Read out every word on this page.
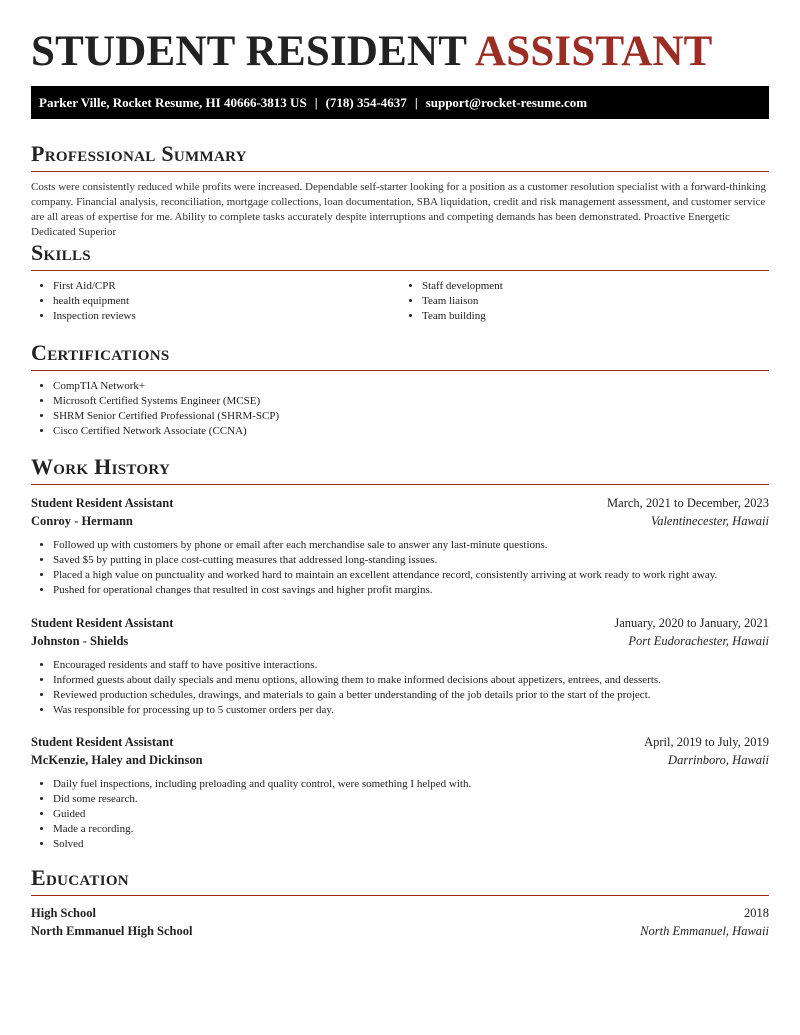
STUDENT RESIDENT ASSISTANT
Parker Ville, Rocket Resume, HI 40666-3813 US | (718) 354-4637 | support@rocket-resume.com
Professional Summary

Costs were consistently reduced while profits were increased. Dependable self-starter looking for a position as a customer resolution specialist with a forward-thinking company. Financial analysis, reconciliation, mortgage collections, loan documentation, SBA liquidation, credit and risk management assessment, and customer service are all areas of expertise for me. Ability to complete tasks accurately despite interruptions and competing demands has been demonstrated. Proactive Energetic Dedicated Superior

Skills
• First Aid/CPR
• health equipment
• Inspection reviews
• Staff development
• Team liaison
• Team building
Certifications
• CompTIA Network+
• Microsoft Certified Systems Engineer (MCSE)
• SHRM Senior Certified Professional (SHRM-SCP)
• Cisco Certified Network Associate (CCNA)
Work History
Student Resident Assistant	March, 2021 to December, 2023
Conroy - Hermann	Valentinecester, Hawaii
• Followed up with customers by phone or email after each merchandise sale to answer any last-minute questions.
• Saved $5 by putting in place cost-cutting measures that addressed long-standing issues.
• Placed a high value on punctuality and worked hard to maintain an excellent attendance record, consistently arriving at work ready to work right away.
• Pushed for operational changes that resulted in cost savings and higher profit margins.
Student Resident Assistant	January, 2020 to January, 2021
Johnston - Shields	Port Eudorachester, Hawaii
• Encouraged residents and staff to have positive interactions.
• Informed guests about daily specials and menu options, allowing them to make informed decisions about appetizers, entrees, and desserts.
• Reviewed production schedules, drawings, and materials to gain a better understanding of the job details prior to the start of the project.
• Was responsible for processing up to 5 customer orders per day.
Student Resident Assistant	April, 2019 to July, 2019
McKenzie, Haley and Dickinson	Darrinboro, Hawaii
• Daily fuel inspections, including preloading and quality control, were something I helped with.
• Did some research.
• Guided
• Made a recording.
• Solved
Education
High School	2018
North Emmanuel High School	North Emmanuel, Hawaii
